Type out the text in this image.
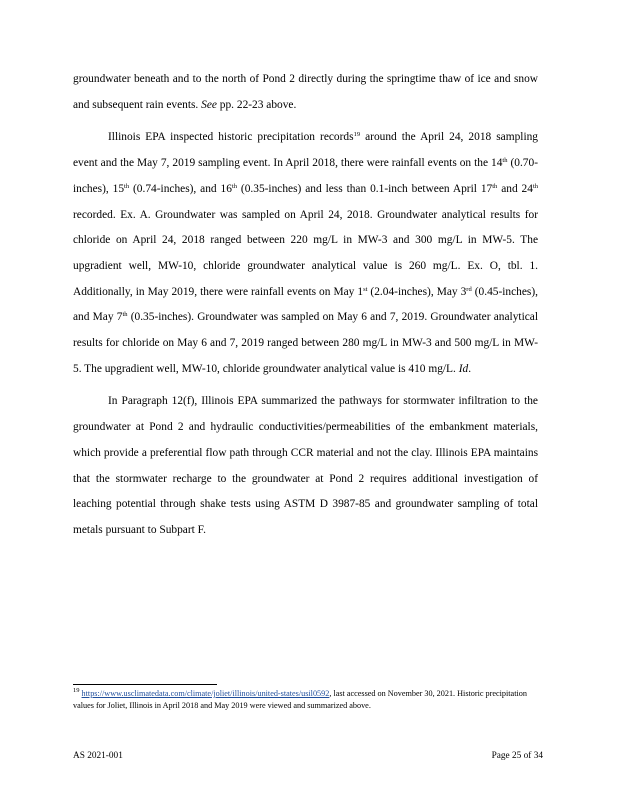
groundwater beneath and to the north of Pond 2 directly during the springtime thaw of ice and snow and subsequent rain events. See pp. 22-23 above.

Illinois EPA inspected historic precipitation records$^{19}$ around the April 24, 2018 sampling event and the May 7, 2019 sampling event. In April 2018, there were rainfall events on the 14th (0.70-inches), 15th (0.74-inches), and 16th (0.35-inches) and less than 0.1-inch between April 17th and 24th recorded. Ex. A. Groundwater was sampled on April 24, 2018. Groundwater analytical results for chloride on April 24, 2018 ranged between 220 mg/L in MW-3 and 300 mg/L in MW-5. The upgradient well, MW-10, chloride groundwater analytical value is 260 mg/L. Ex. O, tbl. 1. Additionally, in May 2019, there were rainfall events on May 1st (2.04-inches), May 3rd (0.45-inches), and May 7th (0.35-inches). Groundwater was sampled on May 6 and 7, 2019. Groundwater analytical results for chloride on May 6 and 7, 2019 ranged between 280 mg/L in MW-3 and 500 mg/L in MW-5. The upgradient well, MW-10, chloride groundwater analytical value is 410 mg/L. Id.

In Paragraph 12(f), Illinois EPA summarized the pathways for stormwater infiltration to the groundwater at Pond 2 and hydraulic conductivities/permeabilities of the embankment materials, which provide a preferential flow path through CCR material and not the clay. Illinois EPA maintains that the stormwater recharge to the groundwater at Pond 2 requires additional investigation of leaching potential through shake tests using ASTM D 3987-85 and groundwater sampling of total metals pursuant to Subpart F.

$^{19}$ https://www.usclimatedata.com/climate/joliet/illinois/united-states/usil0592, last accessed on November 30, 2021. Historic precipitation values for Joliet, Illinois in April 2018 and May 2019 were viewed and summarized above.
AS 2021-001	Page 25 of 34
